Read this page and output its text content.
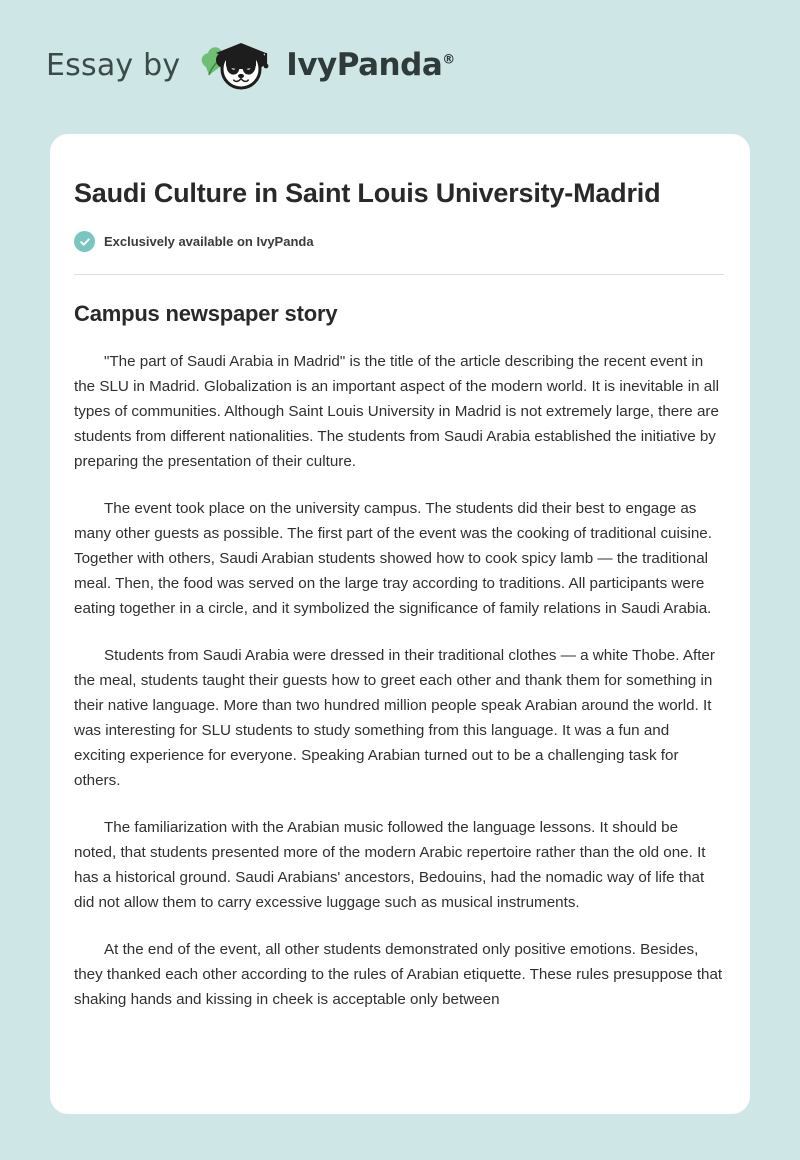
Essay by	IvyPanda®
Saudi Culture in Saint Louis University-Madrid
Exclusively available on IvyPanda
Campus newspaper story

"The part of Saudi Arabia in Madrid" is the title of the article describing the recent event in the SLU in Madrid. Globalization is an important aspect of the modern world. It is inevitable in all types of communities. Although Saint Louis University in Madrid is not extremely large, there are students from different nationalities. The students from Saudi Arabia established the initiative by preparing the presentation of their culture.

The event took place on the university campus. The students did their best to engage as many other guests as possible. The first part of the event was the cooking of traditional cuisine. Together with others, Saudi Arabian students showed how to cook spicy lamb — the traditional meal. Then, the food was served on the large tray according to traditions. All participants were eating together in a circle, and it symbolized the significance of family relations in Saudi Arabia.

Students from Saudi Arabia were dressed in their traditional clothes — a white Thobe. After the meal, students taught their guests how to greet each other and thank them for something in their native language. More than two hundred million people speak Arabian around the world. It was interesting for SLU students to study something from this language. It was a fun and exciting experience for everyone. Speaking Arabian turned out to be a challenging task for others.

The familiarization with the Arabian music followed the language lessons. It should be noted, that students presented more of the modern Arabic repertoire rather than the old one. It has a historical ground. Saudi Arabians' ancestors, Bedouins, had the nomadic way of life that did not allow them to carry excessive luggage such as musical instruments.

At the end of the event, all other students demonstrated only positive emotions. Besides, they thanked each other according to the rules of Arabian etiquette. These rules presuppose that shaking hands and kissing in cheek is acceptable only between
